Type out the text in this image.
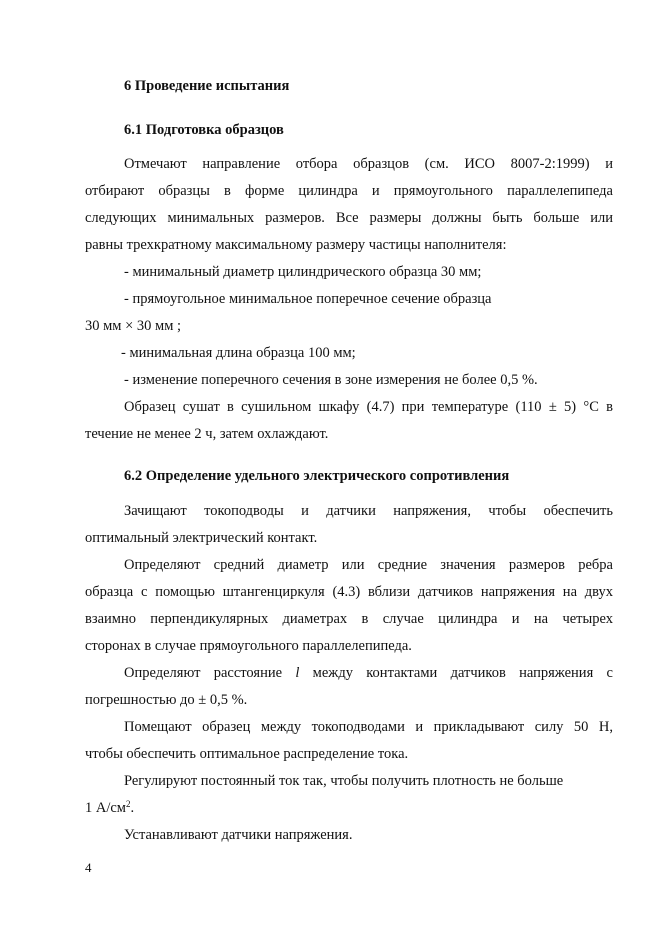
6 Проведение испытания
6.1 Подготовка образцов
Отмечают направление отбора образцов (см. ИСО 8007-2:1999) и
отбирают образцы в форме цилиндра и прямоугольного параллелепипеда
следующих минимальных размеров. Все размеры должны быть больше или
равны трехкратному максимальному размеру частицы наполнителя:
- минимальный диаметр цилиндрического образца 30 мм;
- прямоугольное минимальное поперечное сечение образца
30 мм × 30 мм ;
- минимальная длина образца 100 мм;
- изменение поперечного сечения в зоне измерения не более 0,5 %.
Образец сушат в сушильном шкафу (4.7) при температуре (110 ± 5) °С в
течение не менее 2 ч, затем охлаждают.
6.2 Определение удельного электрического сопротивления
Зачищают токоподводы и датчики напряжения, чтобы обеспечить
оптимальный электрический контакт.
Определяют средний диаметр или средние значения размеров ребра
образца с помощью штангенциркуля (4.3) вблизи датчиков напряжения на двух
взаимно перпендикулярных диаметрах в случае цилиндра и на четырех
сторонах в случае прямоугольного параллелепипеда.
Определяют расстояние l между контактами датчиков напряжения с
погрешностью до ± 0,5 %.
Помещают образец между токоподводами и прикладывают силу 50 Н,
чтобы обеспечить оптимальное распределение тока.
Регулируют постоянный ток так, чтобы получить плотность не больше
1 $А/см^2$.
Устанавливают датчики напряжения.
4
